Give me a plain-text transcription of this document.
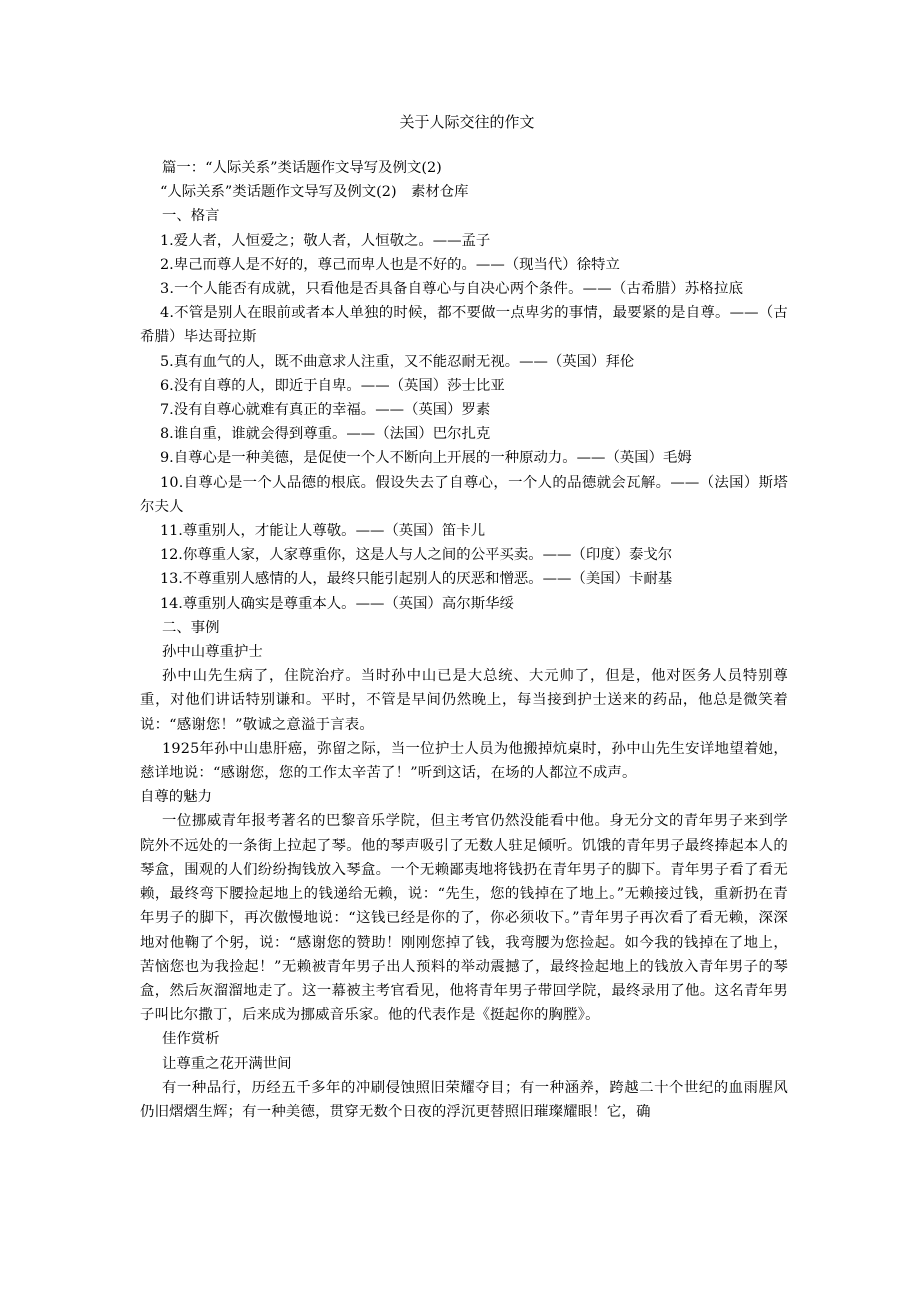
关于人际交往的作文

篇一：“人际关系”类话题作文导写及例文(2)

“人际关系”类话题作文导写及例文(2)　素材仓库

一、格言

1.爱人者，人恒爱之；敬人者，人恒敬之。——孟子

2.卑己而尊人是不好的，尊己而卑人也是不好的。——（现当代）徐特立

3.一个人能否有成就，只看他是否具备自尊心与自决心两个条件。——（古希腊）苏格拉底

4.不管是别人在眼前或者本人单独的时候，都不要做一点卑劣的事情，最要紧的是自尊。——（古希腊）毕达哥拉斯

5.真有血气的人，既不曲意求人注重，又不能忍耐无视。——（英国）拜伦

6.没有自尊的人，即近于自卑。——（英国）莎士比亚

7.没有自尊心就难有真正的幸福。——（英国）罗素

8.谁自重，谁就会得到尊重。——（法国）巴尔扎克

9.自尊心是一种美德，是促使一个人不断向上开展的一种原动力。——（英国）毛姆

10.自尊心是一个人品德的根底。假设失去了自尊心，一个人的品德就会瓦解。——（法国）斯塔尔夫人

11.尊重别人，才能让人尊敬。——（英国）笛卡儿

12.你尊重人家，人家尊重你，这是人与人之间的公平买卖。——（印度）泰戈尔

13.不尊重别人感情的人，最终只能引起别人的厌恶和憎恶。——（美国）卡耐基

14.尊重别人确实是尊重本人。——（英国）高尔斯华绥

二、事例

孙中山尊重护士

孙中山先生病了，住院治疗。当时孙中山已是大总统、大元帅了，但是，他对医务人员特别尊重，对他们讲话特别谦和。平时，不管是早间仍然晚上，每当接到护士送来的药品，他总是微笑着说：“感谢您！”敬诚之意溢于言表。

1925年孙中山患肝癌，弥留之际，当一位护士人员为他搬掉炕桌时，孙中山先生安详地望着她，慈详地说：“感谢您，您的工作太辛苦了！”听到这话，在场的人都泣不成声。

自尊的魅力

一位挪威青年报考著名的巴黎音乐学院，但主考官仍然没能看中他。身无分文的青年男子来到学院外不远处的一条街上拉起了琴。他的琴声吸引了无数人驻足倾听。饥饿的青年男子最终捧起本人的琴盒，围观的人们纷纷掏钱放入琴盒。一个无赖鄙夷地将钱扔在青年男子的脚下。青年男子看了看无赖，最终弯下腰捡起地上的钱递给无赖，说：“先生，您的钱掉在了地上。”无赖接过钱，重新扔在青年男子的脚下，再次傲慢地说：“这钱已经是你的了，你必须收下。”青年男子再次看了看无赖，深深地对他鞠了个躬，说：“感谢您的赞助！刚刚您掉了钱，我弯腰为您捡起。如今我的钱掉在了地上，苦恼您也为我捡起！”无赖被青年男子出人预料的举动震撼了，最终捡起地上的钱放入青年男子的琴盒，然后灰溜溜地走了。这一幕被主考官看见，他将青年男子带回学院，最终录用了他。这名青年男子叫比尔撒丁，后来成为挪威音乐家。他的代表作是《挺起你的胸膛》。

佳作赏析

让尊重之花开满世间

有一种品行，历经五千多年的冲刷侵蚀照旧荣耀夺目；有一种涵养，跨越二十个世纪的血雨腥风仍旧熠熠生辉；有一种美德，贯穿无数个日夜的浮沉更替照旧璀璨耀眼！它，确
